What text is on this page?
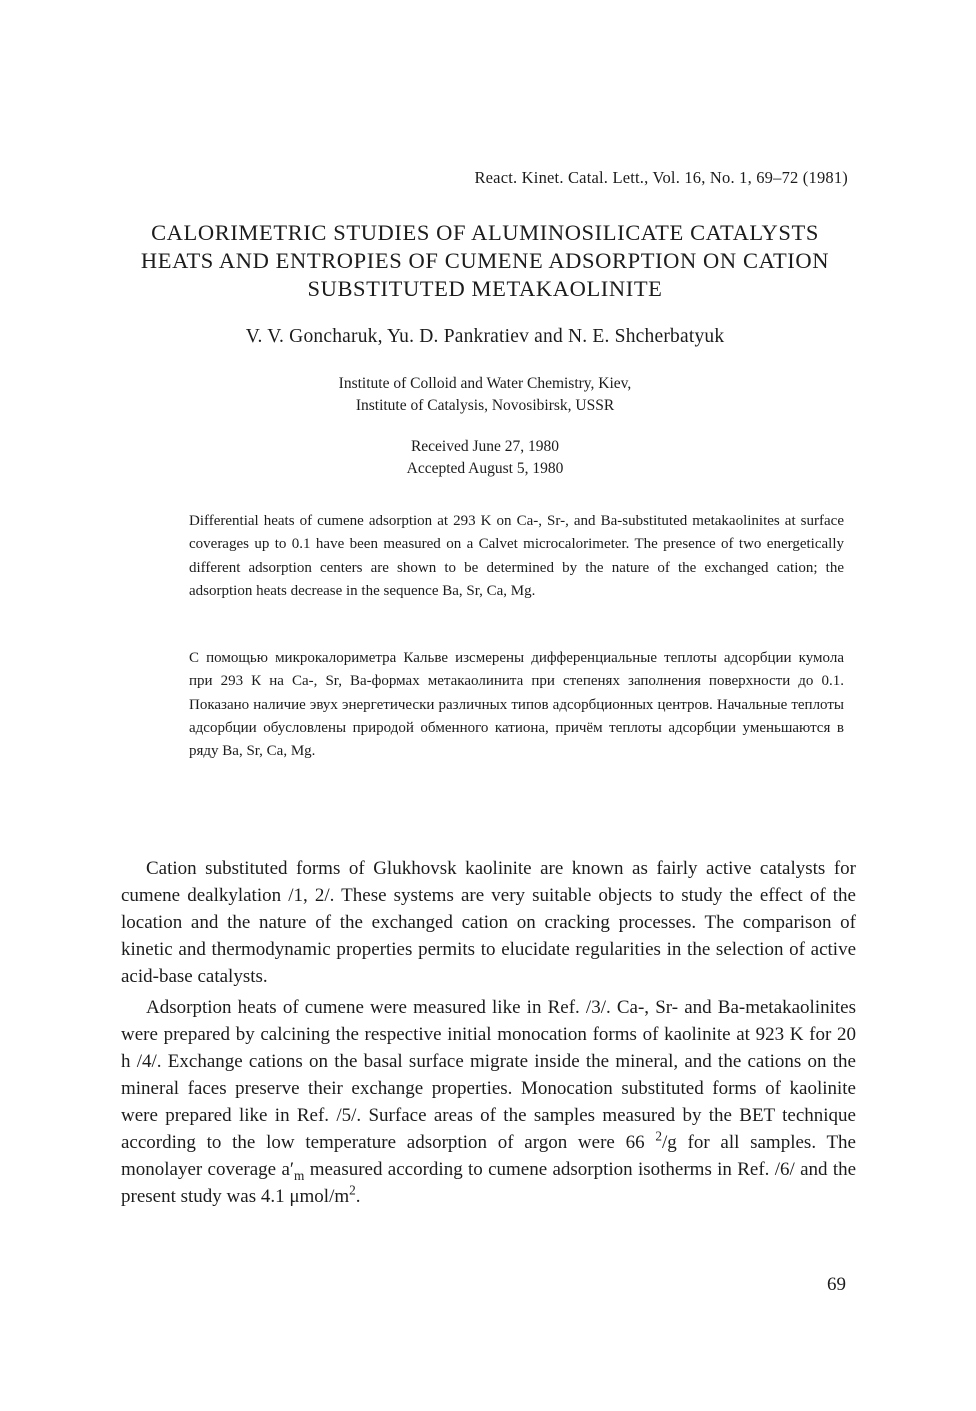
React. Kinet. Catal. Lett., Vol. 16, No. 1, 69–72 (1981)
CALORIMETRIC STUDIES OF ALUMINOSILICATE CATALYSTS
HEATS AND ENTROPIES OF CUMENE ADSORPTION ON CATION
SUBSTITUTED METAKAOLINITE
V. V. Goncharuk, Yu. D. Pankratiev and N. E. Shcherbatyuk
Institute of Colloid and Water Chemistry, Kiev,
Institute of Catalysis, Novosibirsk, USSR
Received June 27, 1980
Accepted August 5, 1980

Differential heats of cumene adsorption at 293 K on Ca-, Sr-, and Ba-substituted metakaolinites at surface coverages up to 0.1 have been measured on a Calvet microcalorimeter. The presence of two energetically different adsorption centers are shown to be determined by the nature of the exchanged cation; the adsorption heats decrease in the sequence Ba, Sr, Ca, Mg.

С помощью микрокалориметра Кальве изсмерены дифференциальные теплоты адсорбции кумола при 293 К на Ca-, Sr, Ba-формах метакаолинита при степенях заполнения поверхности до 0.1. Показано наличие эвух энергетически различных типов адсорбционных центров. Начальные теплоты адсорбции обусловлены природой обменного катиона, причём теплоты адсорбции уменьшаются в ряду Ba, Sr, Ca, Mg.

Cation substituted forms of Glukhovsk kaolinite are known as fairly active catalysts for cumene dealkylation /1, 2/. These systems are very suitable objects to study the effect of the location and the nature of the exchanged cation on cracking processes. The comparison of kinetic and thermodynamic properties permits to elucidate regularities in the selection of active acid-base catalysts.

Adsorption heats of cumene were measured like in Ref. /3/. Ca-, Sr- and Ba-metakaolinites were prepared by calcining the respective initial monocation forms of kaolinite at 923 K for 20 h /4/. Exchange cations on the basal surface migrate inside the mineral, and the cations on the mineral faces preserve their exchange properties. Monocation substituted forms of kaolinite were prepared like in Ref. /5/. Surface areas of the samples measured by the BET technique according to the low temperature adsorption of argon were 66 $^2$/g for all samples. The monolayer coverage $a'_m$ measured according to cumene adsorption isotherms in Ref. /6/ and the present study was 4.1 μmol/$m^2$.

69
